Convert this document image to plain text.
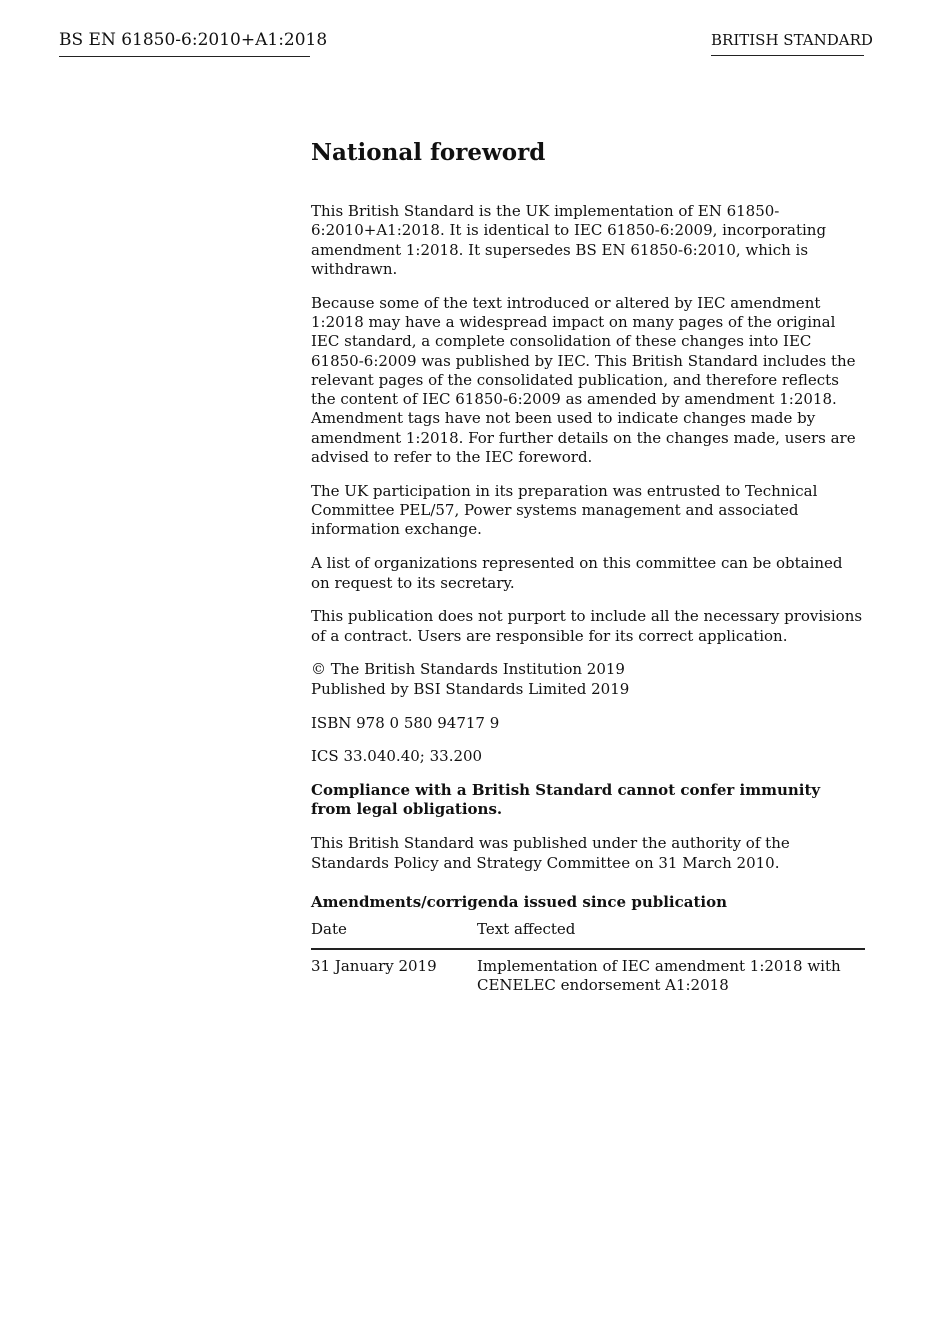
BS EN 61850-6:2010+A1:2018	BRITISH STANDARD
National foreword

This British Standard is the UK implementation of EN 61850-6:2010+A1:2018. It is identical to IEC 61850-6:2009, incorporating amendment 1:2018. It supersedes BS EN 61850-6:2010, which is withdrawn.

Because some of the text introduced or altered by IEC amendment 1:2018 may have a widespread impact on many pages of the original IEC standard, a complete consolidation of these changes into IEC 61850-6:2009 was published by IEC. This British Standard includes the relevant pages of the consolidated publication, and therefore reflects the content of IEC 61850-6:2009 as amended by amendment 1:2018. Amendment tags have not been used to indicate changes made by amendment 1:2018. For further details on the changes made, users are advised to refer to the IEC foreword.

The UK participation in its preparation was entrusted to Technical Committee PEL/57, Power systems management and associated information exchange.

A list of organizations represented on this committee can be obtained on request to its secretary.

This publication does not purport to include all the necessary provisions of a contract. Users are responsible for its correct application.

© The British Standards Institution 2019
Published by BSI Standards Limited 2019

ISBN 978 0 580 94717 9

ICS 33.040.40; 33.200

Compliance with a British Standard cannot confer immunity from legal obligations.

This British Standard was published under the authority of the Standards Policy and Strategy Committee on 31 March 2010.

Amendments/corrigenda issued since publication
Date	Text affected
31 January 2019	Implementation of IEC amendment 1:2018 with CENELEC endorsement A1:2018
